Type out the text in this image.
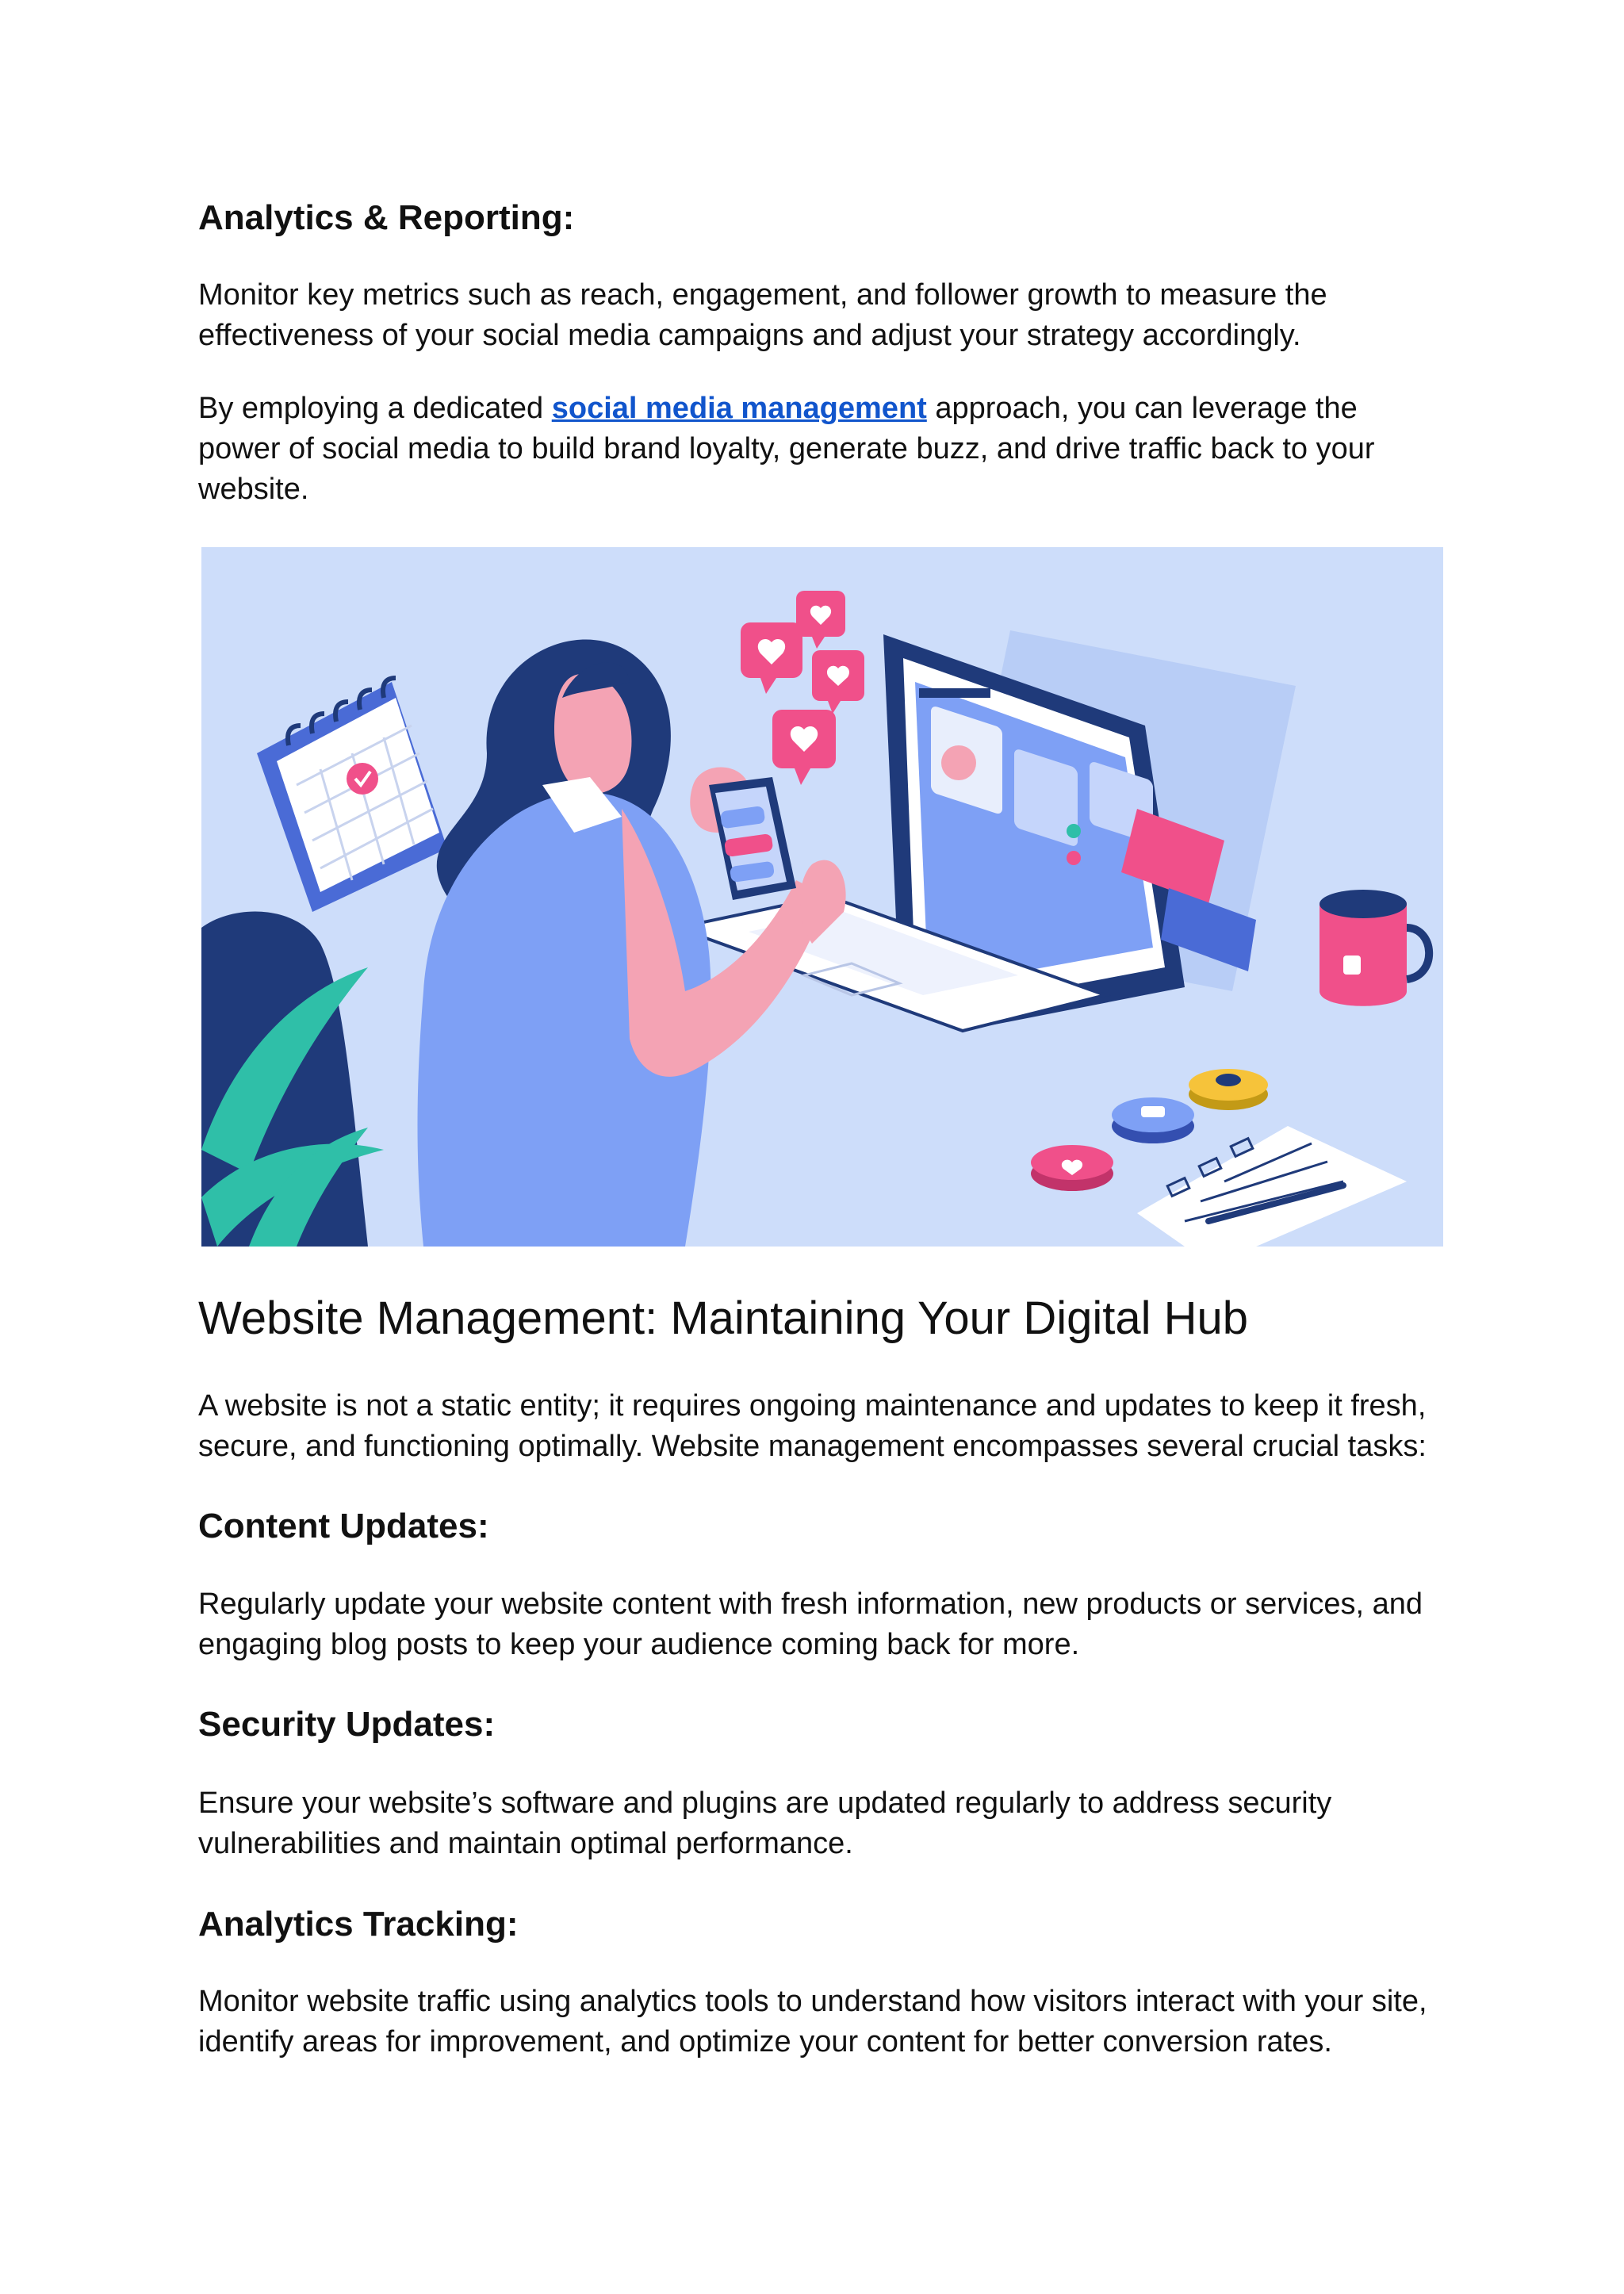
Analytics & Reporting:

Monitor key metrics such as reach, engagement, and follower growth to measure the effectiveness of your social media campaigns and adjust your strategy accordingly.

By employing a dedicated social media management approach, you can leverage the power of social media to build brand loyalty, generate buzz, and drive traffic back to your website.

Website Management: Maintaining Your Digital Hub

A website is not a static entity; it requires ongoing maintenance and updates to keep it fresh, secure, and functioning optimally. Website management encompasses several crucial tasks:

Content Updates:

Regularly update your website content with fresh information, new products or services, and engaging blog posts to keep your audience coming back for more.

Security Updates:

Ensure your website’s software and plugins are updated regularly to address security vulnerabilities and maintain optimal performance.

Analytics Tracking:

Monitor website traffic using analytics tools to understand how visitors interact with your site, identify areas for improvement, and optimize your content for better conversion rates.
